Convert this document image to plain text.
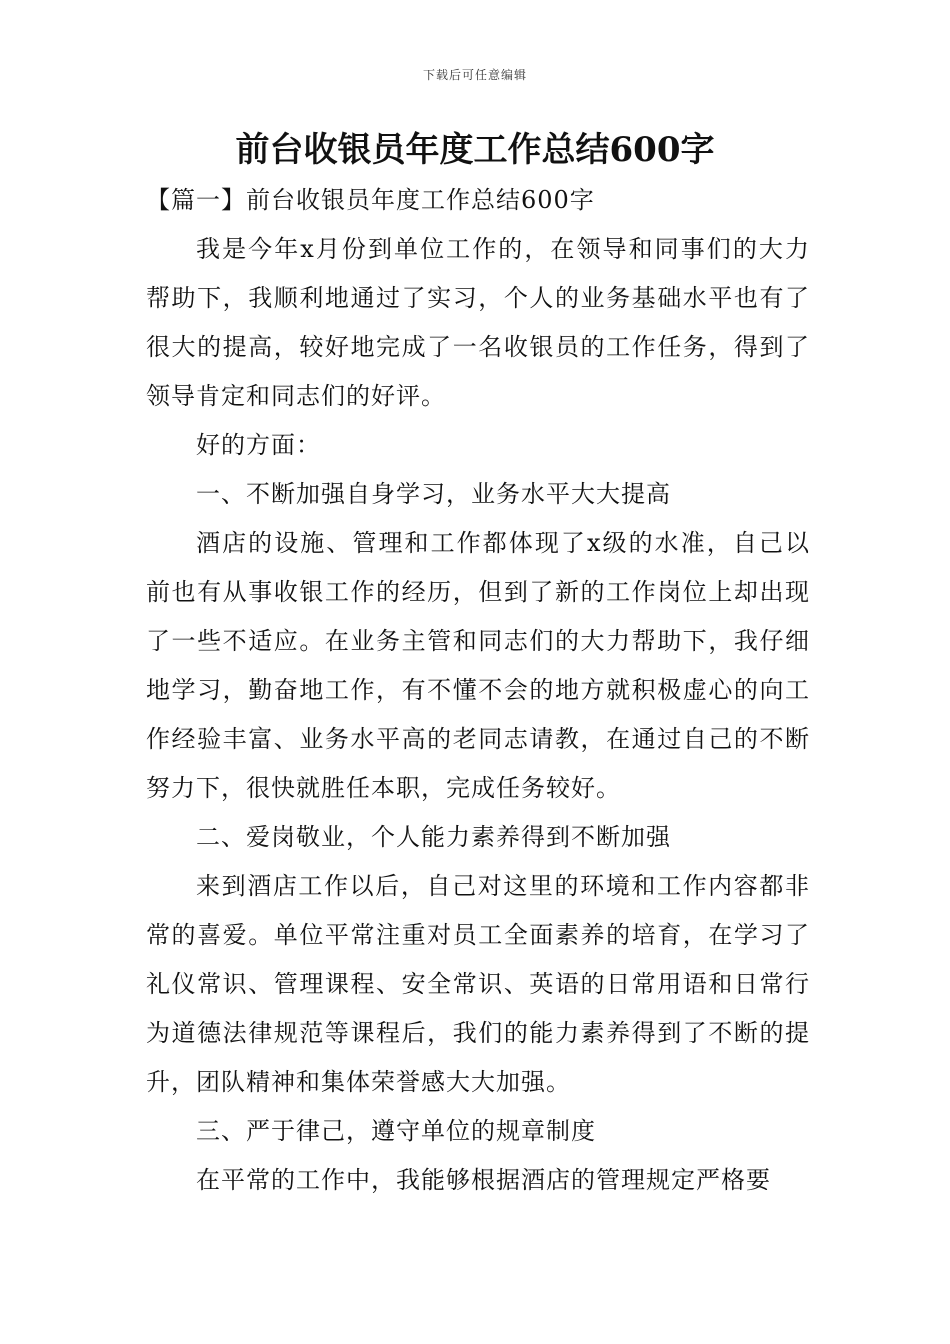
下载后可任意编辑
前台收银员年度工作总结600字

【篇一】前台收银员年度工作总结600字

我是今年x月份到单位工作的，在领导和同事们的大力帮助下，我顺利地通过了实习，个人的业务基础水平也有了很大的提高，较好地完成了一名收银员的工作任务，得到了领导肯定和同志们的好评。

好的方面：

一、不断加强自身学习，业务水平大大提高

酒店的设施、管理和工作都体现了x级的水准，自己以前也有从事收银工作的经历，但到了新的工作岗位上却出现了一些不适应。在业务主管和同志们的大力帮助下，我仔细地学习，勤奋地工作，有不懂不会的地方就积极虚心的向工作经验丰富、业务水平高的老同志请教，在通过自己的不断努力下，很快就胜任本职，完成任务较好。

二、爱岗敬业，个人能力素养得到不断加强

来到酒店工作以后，自己对这里的环境和工作内容都非常的喜爱。单位平常注重对员工全面素养的培育，在学习了礼仪常识、管理课程、安全常识、英语的日常用语和日常行为道德法律规范等课程后，我们的能力素养得到了不断的提升，团队精神和集体荣誉感大大加强。

三、严于律己，遵守单位的规章制度

在平常的工作中，我能够根据酒店的管理规定严格要
